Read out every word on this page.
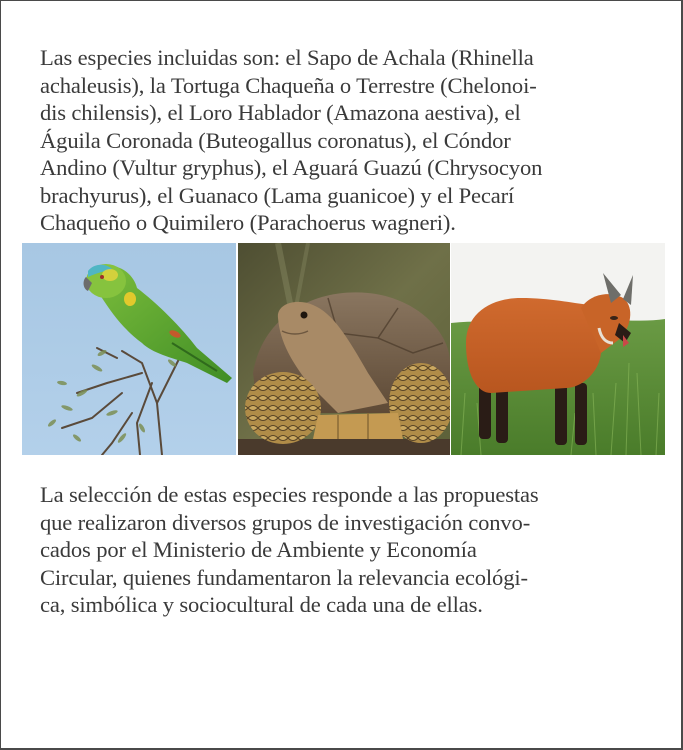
Las especies incluidas son: el Sapo de Achala (Rhinella
achaleusis), la Tortuga Chaqueña o Terrestre (Chelonoi-
dis chilensis), el Loro Hablador (Amazona aestiva), el
Águila Coronada (Buteogallus coronatus), el Cóndor
Andino (Vultur gryphus), el Aguará Guazú (Chrysocyon
brachyurus), el Guanaco (Lama guanicoe) y el Pecarí
Chaqueño o Quimilero (Parachoerus wagneri).
La selección de estas especies responde a las propuestas
que realizaron diversos grupos de investigación convo-
cados por el Ministerio de Ambiente y Economía
Circular, quienes fundamentaron la relevancia ecológi-
ca, simbólica y sociocultural de cada una de ellas.
